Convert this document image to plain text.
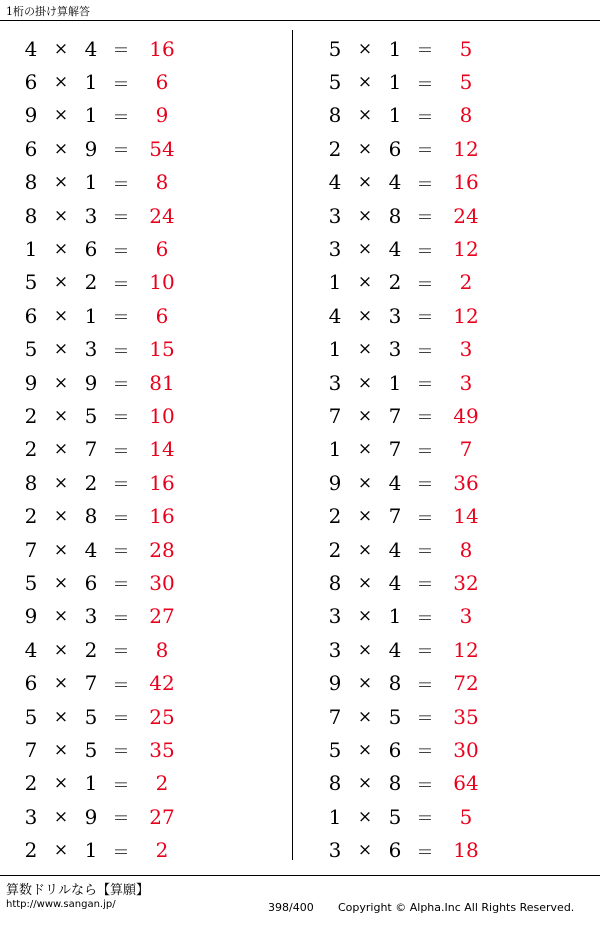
1桁の掛け算解答
4 × 4 ＝ 16
6 × 1 ＝	6
9 × 1 ＝	9
6 × 9 ＝ 54
8 × 1 ＝	8
8 × 3 ＝ 24
1 × 6 ＝	6
5 × 2 ＝ 10
6 × 1 ＝	6
5 × 3 ＝ 15
9 × 9 ＝ 81
2 × 5 ＝ 10
2 × 7 ＝ 14
8 × 2 ＝ 16
2 × 8 ＝ 16
7 × 4 ＝ 28
5 × 6 ＝ 30
9 × 3 ＝ 27
4 × 2 ＝	8
6 × 7 ＝ 42
5 × 5 ＝ 25
7 × 5 ＝ 35
2 × 1 ＝	2
3 × 9 ＝ 27
2 × 1 ＝	2
5 × 1 ＝	5
5 × 1 ＝	5
8 × 1 ＝	8
2 × 6 ＝ 12
4 × 4 ＝ 16
3 × 8 ＝ 24
3 × 4 ＝ 12
1 × 2 ＝	2
4 × 3 ＝ 12
1 × 3 ＝	3
3 × 1 ＝	3
7 × 7 ＝ 49
1 × 7 ＝	7
9 × 4 ＝ 36
2 × 7 ＝ 14
2 × 4 ＝	8
8 × 4 ＝ 32
3 × 1 ＝	3
3 × 4 ＝ 12
9 × 8 ＝ 72
7 × 5 ＝ 35
5 × 6 ＝ 30
8 × 8 ＝ 64
1 × 5 ＝	5
3 × 6 ＝ 18
算数ドリルなら【算願】
http://www.sangan.jp/	398/400 Copyright © Alpha.Inc All Rights Reserved.
